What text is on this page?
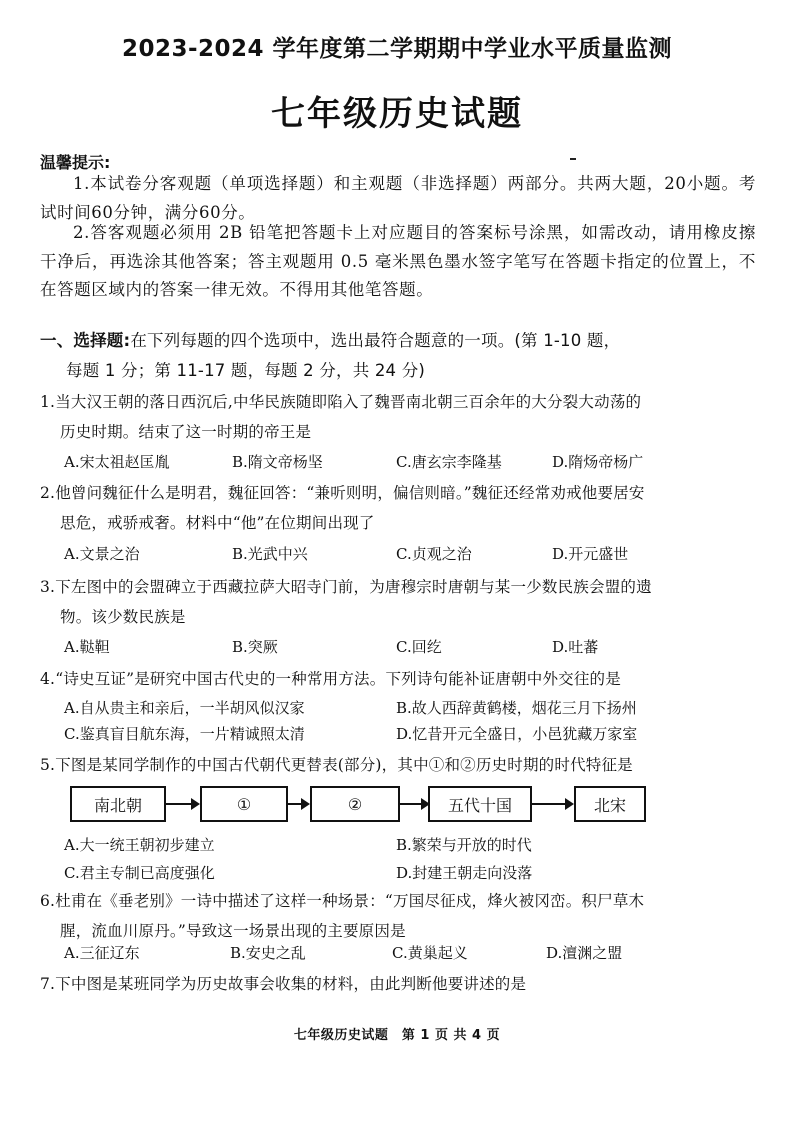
2023-2024 学年度第二学期期中学业水平质量监测
七年级历史试题
温馨提示:
1.本试卷分客观题（单项选择题）和主观题（非选择题）两部分。共两大题，20小题。考试时间60分钟，满分60分。
2.答客观题必须用 2B 铅笔把答题卡上对应题目的答案标号涂黑，如需改动，请用橡皮擦干净后，再选涂其他答案；答主观题用 0.5 毫米黑色墨水签字笔写在答题卡指定的位置上，不在答题区域内的答案一律无效。不得用其他笔答题。
一、选择题:在下列每题的四个选项中，选出最符合题意的一项。(第 1-10 题，
每题 1 分；第 11-17 题，每题 2 分，共 24 分)
1.当大汉王朝的落日西沉后,中华民族随即陷入了魏晋南北朝三百余年的大分裂大动荡的
历史时期。结束了这一时期的帝王是
A.宋太祖赵匡胤	B.隋文帝杨坚	C.唐玄宗李隆基	D.隋炀帝杨广
2.他曾问魏征什么是明君，魏征回答：“兼听则明，偏信则暗。”魏征还经常劝戒他要居安
思危，戒骄戒奢。材料中“他”在位期间出现了
A.文景之治	B.光武中兴	C.贞观之治	D.开元盛世
3.下左图中的会盟碑立于西藏拉萨大昭寺门前，为唐穆宗时唐朝与某一少数民族会盟的遗
物。该少数民族是
A.鞑靼	B.突厥	C.回纥	D.吐蕃
4.“诗史互证”是研究中国古代史的一种常用方法。下列诗句能补证唐朝中外交往的是
A.自从贵主和亲后，一半胡风似汉家	B.故人西辞黄鹤楼，烟花三月下扬州
C.鉴真盲目航东海，一片精诚照太清	D.忆昔开元全盛日，小邑犹藏万家室
5.下图是某同学制作的中国古代朝代更替表(部分)，其中①和②历史时期的时代特征是
南北朝	①	②	五代十国	北宋
A.大一统王朝初步建立	B.繁荣与开放的时代
C.君主专制已高度强化	D.封建王朝走向没落
6.杜甫在《垂老别》一诗中描述了这样一种场景：“万国尽征戍，烽火被冈峦。积尸草木
腥，流血川原丹。”导致这一场景出现的主要原因是
A.三征辽东	B.安史之乱	C.黄巢起义	D.澶渊之盟
7.下中图是某班同学为历史故事会收集的材料，由此判断他要讲述的是
七年级历史试题　第 1 页 共 4 页
